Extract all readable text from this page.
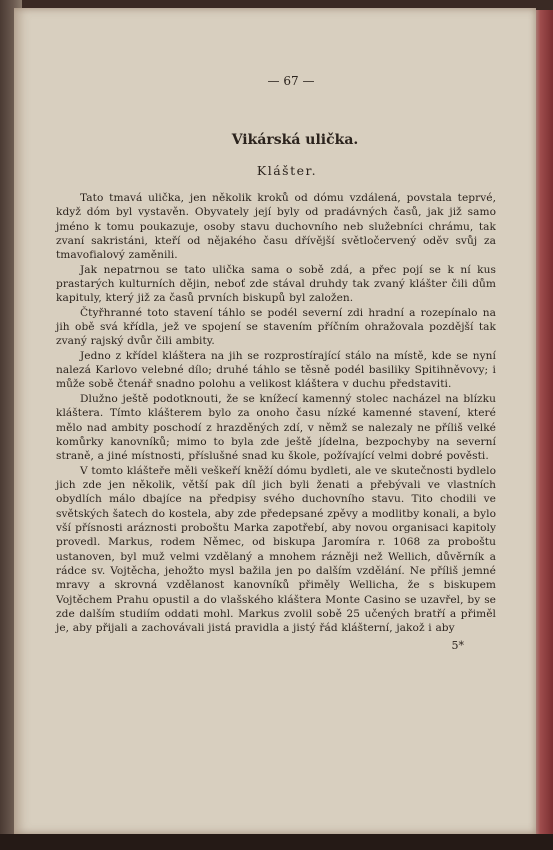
— 67 —
Vikárská ulička.
Klášter.

Tato tmavá ulička, jen několik kroků od dómu vzdálená, povstala teprvé, když dóm byl vystavěn. Obyvately její byly od pradávných časů, jak již samo jméno k tomu poukazuje, osoby stavu duchovního neb služebníci chrámu, tak zvaní sakristáni, kteří od nějakého času dřívější světločervený oděv svůj za tmavofialový zaměnili.

Jak nepatrnou se tato ulička sama o sobě zdá, a přec pojí se k ní kus prastarých kulturních dějin, neboť zde stával druhdy tak zvaný klášter čili dům kapituly, který již za časů prvních biskupů byl založen.

Čtyřhranné toto stavení táhlo se podél severní zdi hradní a rozepínalo na jih obě svá křídla, jež ve spojení se stavením příčním ohražovala pozdější tak zvaný rajský dvůr čili ambity.

Jedno z křídel kláštera na jih se rozprostírající stálo na místě, kde se nyní nalezá Karlovo velebné dílo; druhé táhlo se těsně podél basiliky Spitihněvovy; i může sobě čtenář snadno polohu a velikost kláštera v duchu představiti.

Dlužno ještě podotknouti, že se knížecí kamenný stolec nacházel na blízku kláštera. Tímto klášterem bylo za onoho času nízké kamenné stavení, které mělo nad ambity poschodí z hrazděných zdí, v němž se nalezaly ne příliš velké komůrky kanovníků; mimo to byla zde ještě jídelna, bezpochyby na severní straně, a jiné místnosti, příslušné snad ku škole, požívající velmi dobré pověsti.

V tomto klášteře měli veškeří kněží dómu bydleti, ale ve skutečnosti bydlelo jich zde jen několik, větší pak díl jich byli ženati a přebývali ve vlastních obydlích málo dbajíce na předpisy svého duchovního stavu. Tito chodili ve světských šatech do kostela, aby zde předepsané zpěvy a modlitby konali, a bylo vší přísnosti aráznosti proboštu Marka zapotřebí, aby novou organisaci kapitoly provedl. Markus, rodem Němec, od biskupa Jaromíra r. 1068 za proboštu ustanoven, byl muž velmi vzdělaný a mnohem rázněji než Wellich, důvěrník a rádce sv. Vojtěcha, jehožto mysl bažila jen po dalším vzdělání. Ne příliš jemné mravy a skrovná vzdělanost kanovníků přiměly Wellicha, že s biskupem Vojtěchem Prahu opustil a do vlašského kláštera Monte Casino se uzavřel, by se zde dalším studiím oddati mohl. Markus zvolil sobě 25 učených bratří a přiměl je, aby přijali a zachovávali jistá pravidla a jistý řád klášterní, jakož i aby

5*
